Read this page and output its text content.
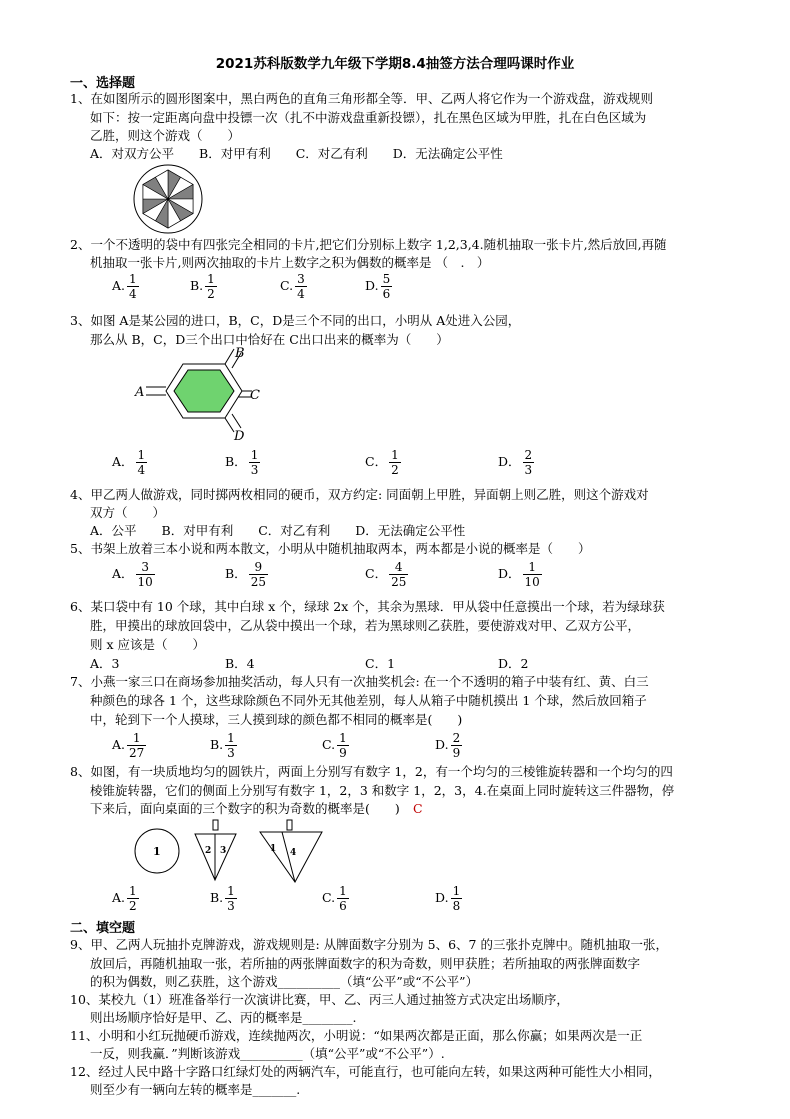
2021苏科版数学九年级下学期8.4抽签方法合理吗课时作业
一、选择题
1、在如图所示的圆形图案中，黑白两色的直角三角形都全等．甲、乙两人将它作为一个游戏盘，游戏规则
如下：按一定距离向盘中投镖一次（扎不中游戏盘重新投镖），扎在黑色区域为甲胜，扎在白色区域为
乙胜，则这个游戏（　　）
A．对双方公平　　B．对甲有利　　C．对乙有利　　D．无法确定公平性
2、一个不透明的袋中有四张完全相同的卡片,把它们分别标上数字 1,2,3,4.随机抽取一张卡片,然后放回,再随
机抽取一张卡片,则两次抽取的卡片上数字之积为偶数的概率是 （　.　）
A. $\frac{1}{4}$	B. $\frac{1}{2}$	C. $\frac{3}{4}$	D. $\frac{5}{6}$
3、如图 A是某公园的进口，B，C，D是三个不同的出口，小明从 A处进入公园，
那么从 B，C，D三个出口中恰好在 C出口出来的概率为（　　）
A
B
C
D
A． $\frac{1}{4}$	B． $\frac{1}{3}$	C． $\frac{1}{2}$	D． $\frac{2}{3}$
4、甲乙两人做游戏，同时掷两枚相同的硬币，双方约定: 同面朝上甲胜，异面朝上则乙胜，则这个游戏对
双方（　　）
A．公平　　B．对甲有利　　C．对乙有利　　D．无法确定公平性
5、书架上放着三本小说和两本散文，小明从中随机抽取两本，两本都是小说的概率是（　　）
A． $\frac{3}{10}$	B． $\frac{9}{25}$	C． $\frac{4}{25}$	D． $\frac{1}{10}$
6、某口袋中有 10 个球，其中白球 x 个，绿球 2x 个，其余为黑球．甲从袋中任意摸出一个球，若为绿球获
胜，甲摸出的球放回袋中，乙从袋中摸出一个球，若为黑球则乙获胜，要使游戏对甲、乙双方公平，
则 x 应该是（　　）
A．3	B．4	C．1	D．2
7、小燕一家三口在商场参加抽奖活动，每人只有一次抽奖机会: 在一个不透明的箱子中装有红、黄、白三
种颜色的球各 1 个，这些球除颜色不同外无其他差别，每人从箱子中随机摸出 1 个球，然后放回箱子
中，轮到下一个人摸球，三人摸到球的颜色都不相同的概率是(　　)
A. $\frac{1}{27}$	B. $\frac{1}{3}$	C. $\frac{1}{9}$	D. $\frac{2}{9}$
8、如图，有一块质地均匀的圆铁片，两面上分别写有数字 1，2，有一个均匀的三棱锥旋转器和一个均匀的四
棱锥旋转器，它们的侧面上分别写有数字 1，2，3 和数字 1，2，3，4.在桌面上同时旋转这三件器物，停
下来后，面向桌面的三个数字的积为奇数的概率是(　　) C
1	2 3	1 4
A. $\frac{1}{2}$	B. $\frac{1}{3}$	C. $\frac{1}{6}$	D. $\frac{1}{8}$
二、填空题
9、甲、乙两人玩抽扑克牌游戏，游戏规则是: 从牌面数字分别为 5、6、7 的三张扑克牌中。随机抽取一张，
放回后，再随机抽取一张，若所抽的两张牌面数字的积为奇数，则甲获胜；若所抽取的两张牌面数字
的积为偶数，则乙获胜，这个游戏__________（填“公平”或“不公平”）
10、某校九（1）班准备举行一次演讲比赛，甲、乙、丙三人通过抽签方式决定出场顺序，
则出场顺序恰好是甲、乙、丙的概率是________.
11、小明和小红玩抛硬币游戏，连续抛两次，小明说：“如果两次都是正面，那么你赢；如果两次是一正
一反，则我赢．”判断该游戏__________（填“公平”或“不公平”）.
12、经过人民中路十字路口红绿灯处的两辆汽车，可能直行，也可能向左转，如果这两种可能性大小相同，
则至少有一辆向左转的概率是_______.
